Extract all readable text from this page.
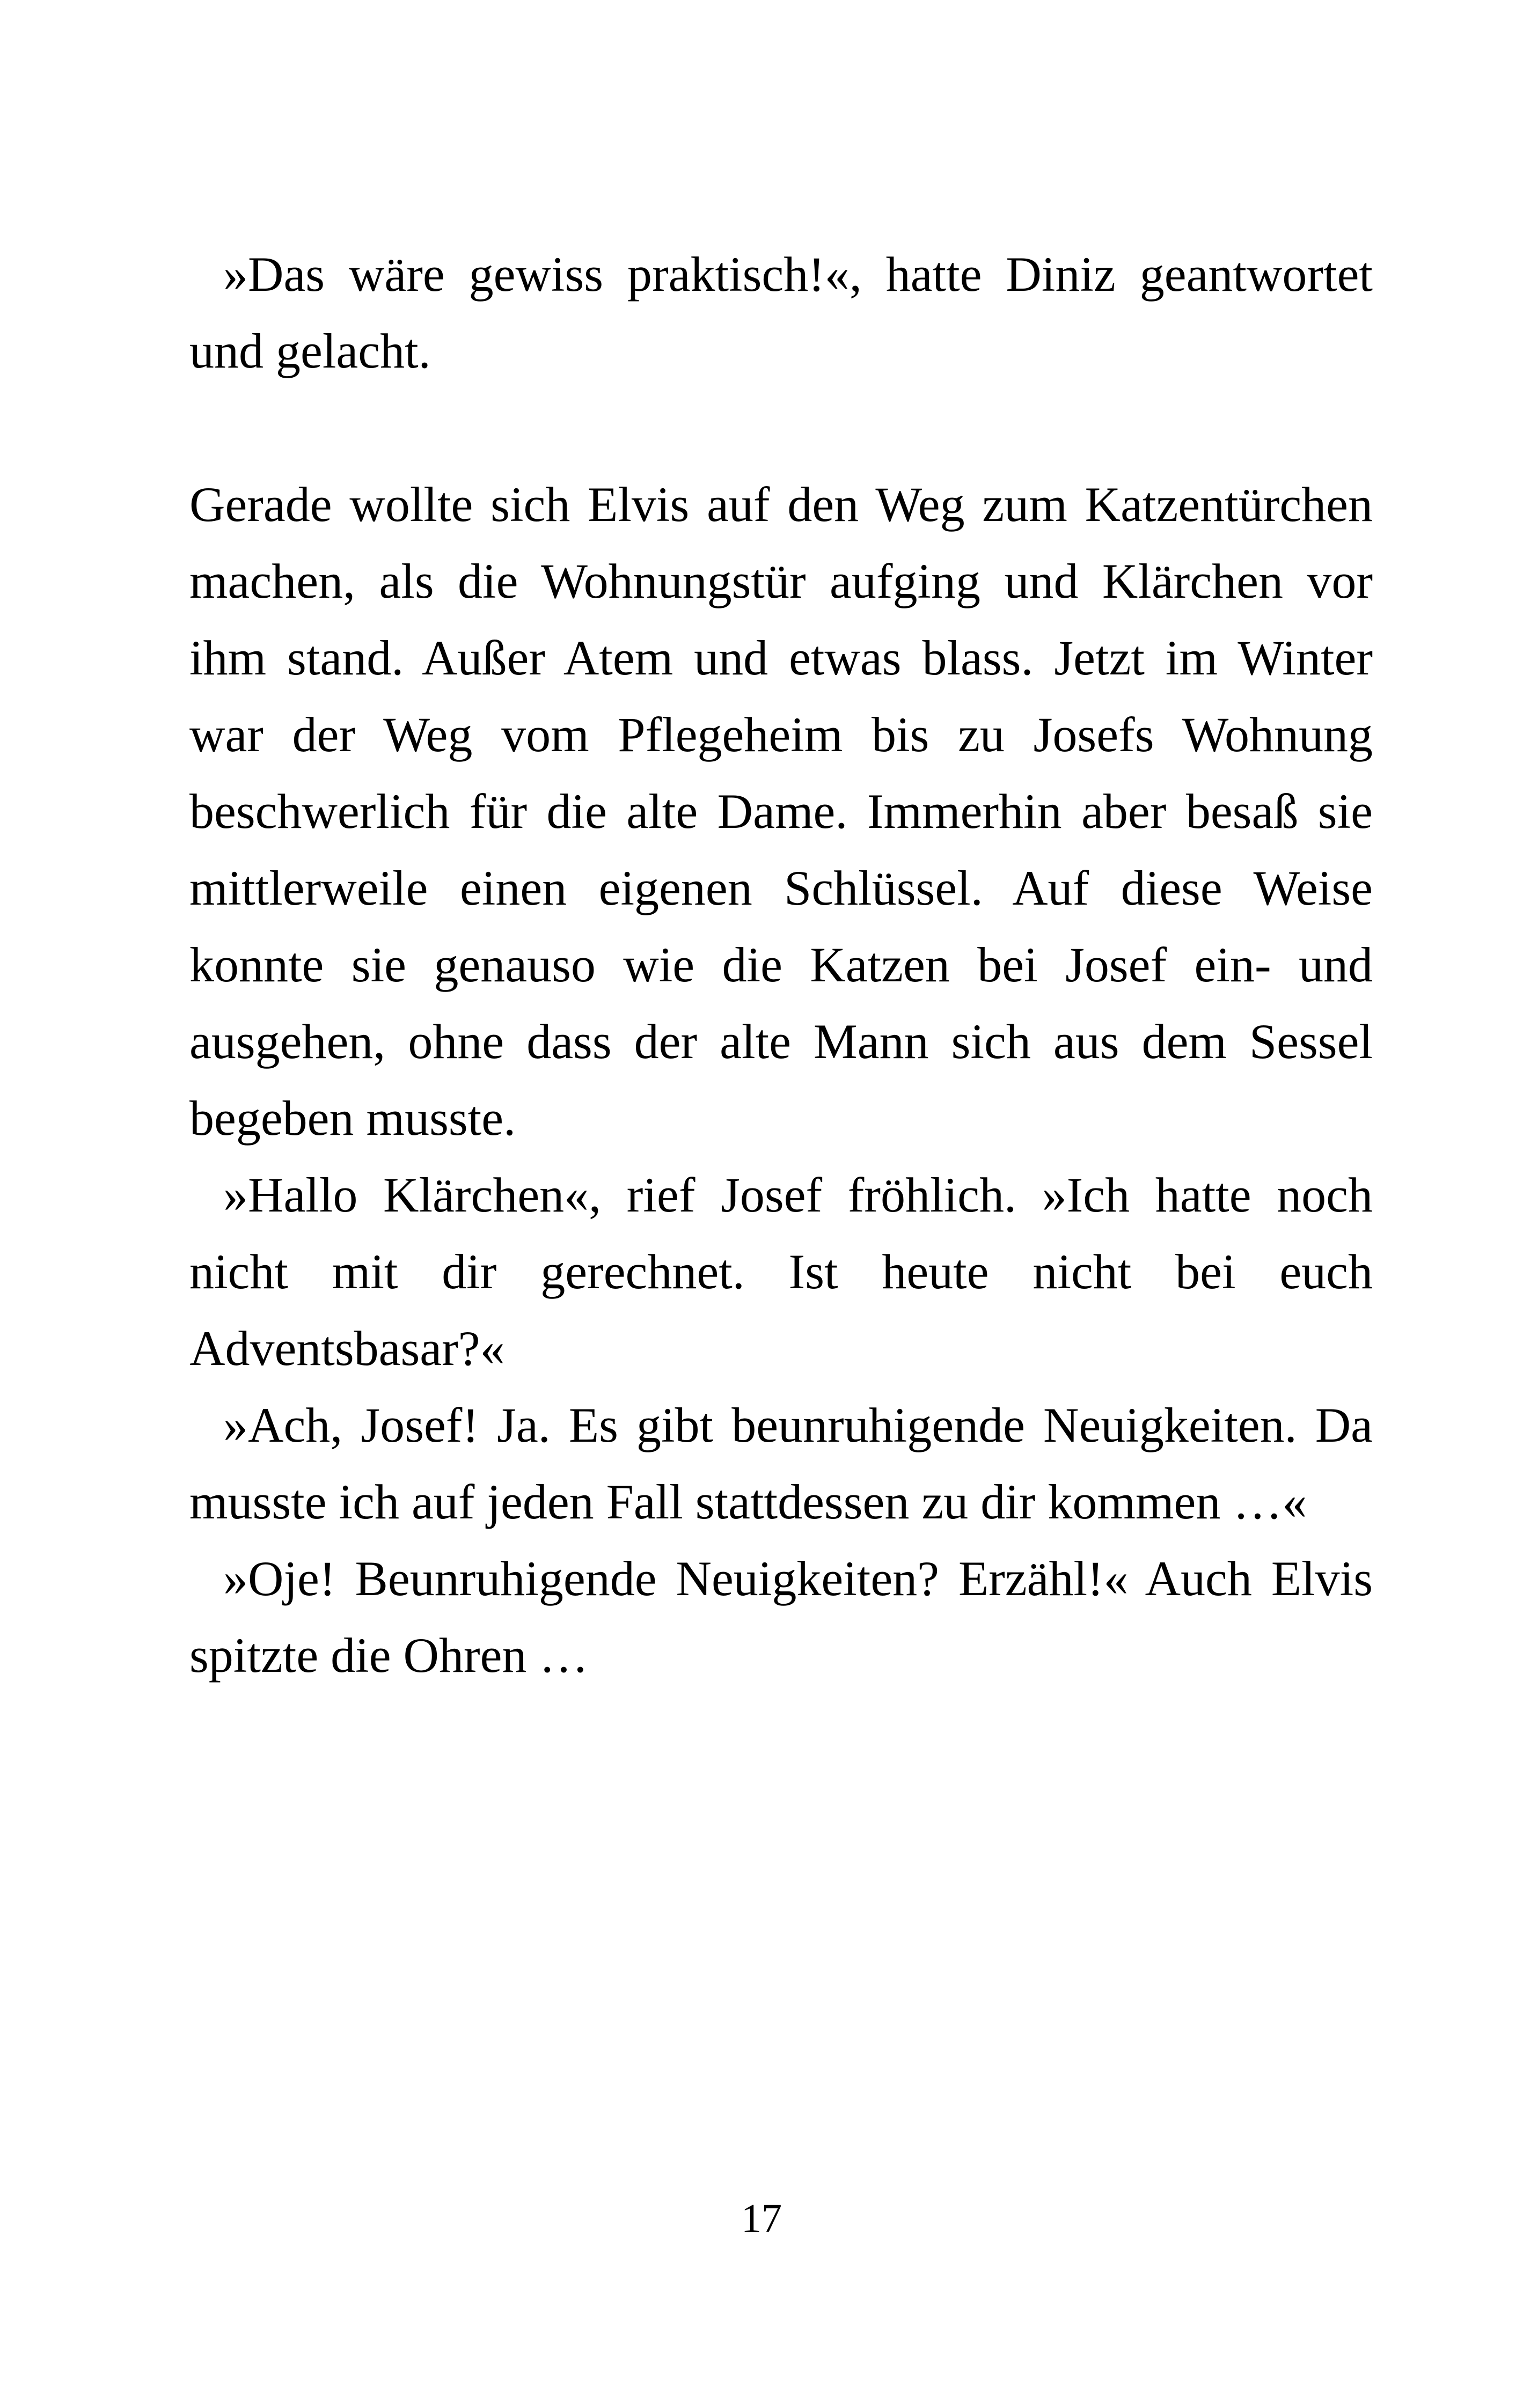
»Das wäre gewiss praktisch!«, hatte Diniz geantwortet und gelacht.

Gerade wollte sich Elvis auf den Weg zum Katzentürchen machen, als die Wohnungstür aufging und Klärchen vor ihm stand. Außer Atem und etwas blass. Jetzt im Winter war der Weg vom Pflegeheim bis zu Josefs Wohnung beschwerlich für die alte Dame. Immerhin aber besaß sie mittlerweile einen eigenen Schlüssel. Auf diese Weise konnte sie genauso wie die Katzen bei Josef ein- und ausgehen, ohne dass der alte Mann sich aus dem Sessel begeben musste.

»Hallo Klärchen«, rief Josef fröhlich. »Ich hatte noch nicht mit dir gerechnet. Ist heute nicht bei euch Adventsbasar?«

»Ach, Josef! Ja. Es gibt beunruhigende Neuigkeiten. Da musste ich auf jeden Fall stattdessen zu dir kommen …«

»Oje! Beunruhigende Neuigkeiten? Erzähl!« Auch Elvis spitzte die Ohren …

17
